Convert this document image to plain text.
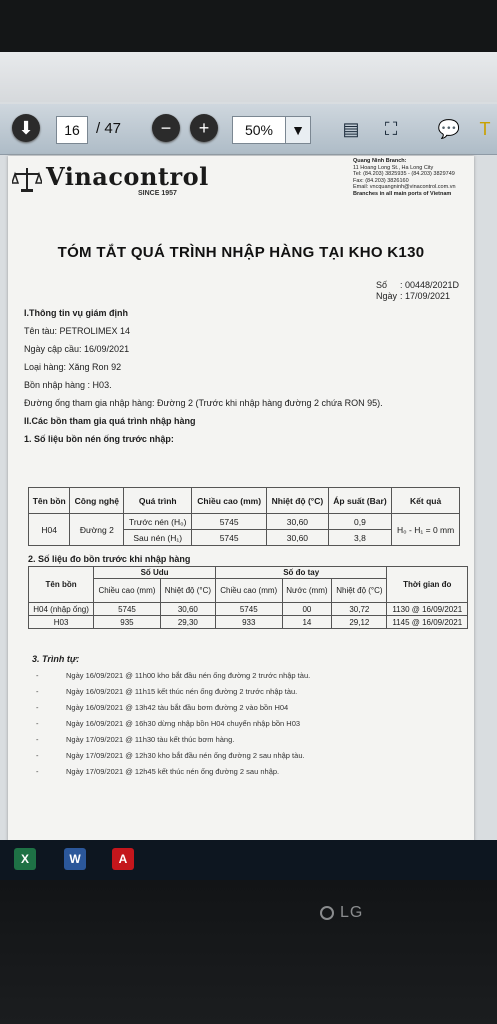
⬇	16	/ 47	−	+	50%	▼	▤	⛶	💬	T
Vinacontrol
SINCE 1957
Quang Ninh Branch:
11 Hoang Long St., Ha Long City
Tel: (84.203) 3825935 - (84.203) 3829749
Fax: (84.203) 3826160
Email: vncquangninh@vinacontrol.com.vn
Branches in all main ports of Vietnam
TÓM TẮT QUÁ TRÌNH NHẬP HÀNG TẠI KHO K130
Số : 00448/2021D
Ngày : 17/09/2021
I.Thông tin vụ giám định
Tên tàu: PETROLIMEX 14
Ngày cập cầu: 16/09/2021
Loại hàng: Xăng Ron 92
Bồn nhập hàng : H03.
Đường ống tham gia nhập hàng: Đường 2 (Trước khi nhập hàng đường 2 chứa RON 95).
II.Các bồn tham gia quá trình nhập hàng
1. Số liệu bồn nén ống trước nhập:
Tên bồn	Công nghệ	Quá trình	Chiều cao (mm)	Nhiệt độ (°C)	Áp suất (Bar)	Kết quả
H04	Đường 2	Trước nén (H₀)	5745	30,60	0,9	H₀ - H₁ = 0 mm
		Sau nén (H₁)	5745	30,60	3,8	
2. Số liệu đo bồn trước khi nhập hàng
Tên bồn	Số Udu		Số đo tay			Thời gian đo
	Chiều cao (mm)	Nhiệt độ (°C)	Chiều cao (mm)	Nước (mm)	Nhiệt độ (°C)	
H04 (nhập ống)	5745	30,60	5745	00	30,72	1130 @ 16/09/2021
H03	935	29,30	933	14	29,12	1145 @ 16/09/2021
3. Trình tự:
-	Ngày 16/09/2021 @ 11h00 kho bắt đầu nén ống đường 2 trước nhập tàu.
-	Ngày 16/09/2021 @ 11h15 kết thúc nén ống đường 2 trước nhập tàu.
-	Ngày 16/09/2021 @ 13h42 tàu bắt đầu bơm đường 2 vào bồn H04
-	Ngày 16/09/2021 @ 16h30 dừng nhập bồn H04 chuyển nhập bồn H03
-	Ngày 17/09/2021 @ 11h30 tàu kết thúc bơm hàng.
-	Ngày 17/09/2021 @ 12h30 kho bắt đầu nén ống đường 2 sau nhập tàu.
-	Ngày 17/09/2021 @ 12h45 kết thúc nén ống đường 2 sau nhập.
X	W	A
LG
